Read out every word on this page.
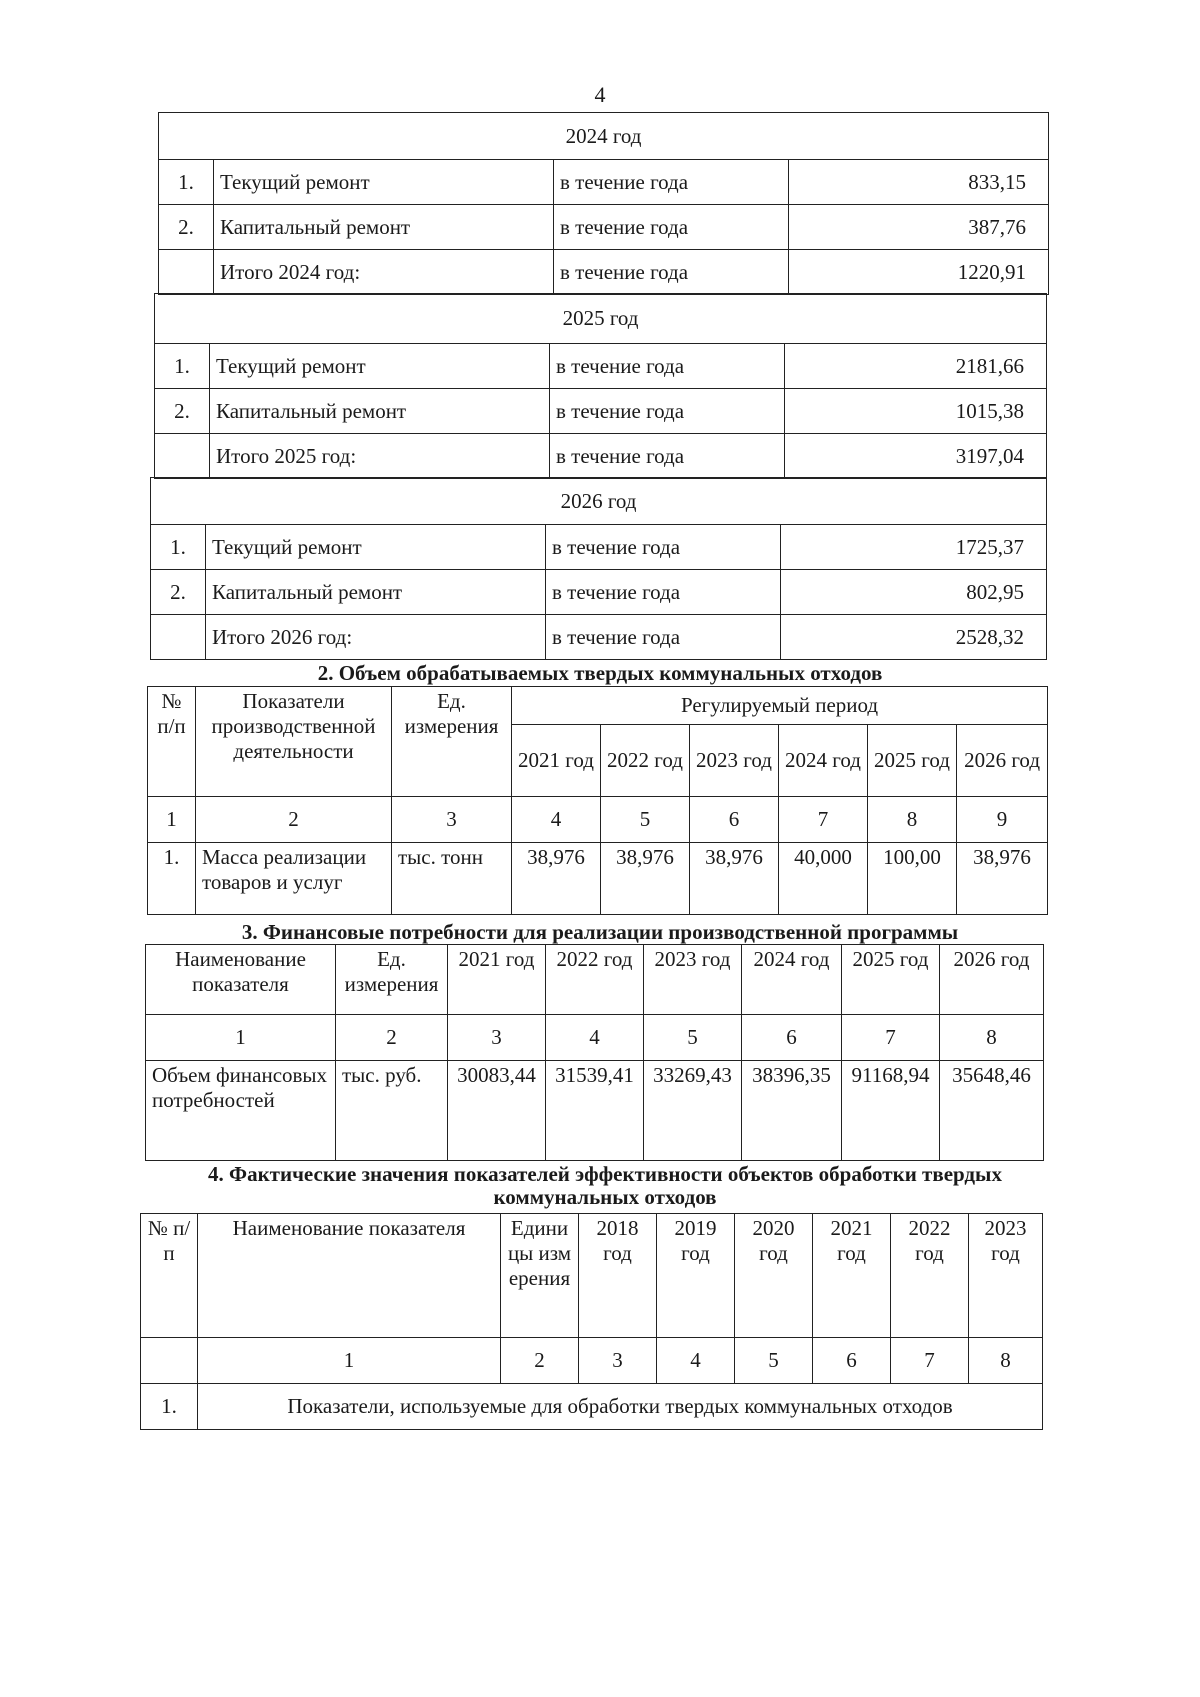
4
2024 год			
1.	Текущий ремонт	в течение года	833,15
2.	Капитальный ремонт	в течение года	387,76
	Итого 2024 год:	в течение года	1220,91
2025 год			
1.	Текущий ремонт	в течение года	2181,66
2.	Капитальный ремонт	в течение года	1015,38
	Итого 2025 год:	в течение года	3197,04
2026 год			
1.	Текущий ремонт	в течение года	1725,37
2.	Капитальный ремонт	в течение года	802,95
	Итого 2026 год:	в течение года	2528,32
2. Объем обрабатываемых твердых коммунальных отходов
№ п/п	Показатели производственной деятельности	Ед. измерения	Регулируемый период					
			2021 год	2022 год	2023 год	2024 год	2025 год	2026 год
1	2	3	4	5	6	7	8	9
1.	Масса реализации товаров и услуг	тыс. тонн	38,976	38,976	38,976	40,000	100,00	38,976
3. Финансовые потребности для реализации производственной программы
Наименование показателя	Ед. измерения	2021 год	2022 год	2023 год	2024 год	2025 год	2026 год
1	2	3	4	5	6	7	8
Объем финансовых потребностей	тыс. руб.	30083,44	31539,41	33269,43	38396,35	91168,94	35648,46
4. Фактические значения показателей эффективности объектов обработки твердых коммунальных отходов
№ п/п	Наименование показателя	Единицы измерения	2018 год	2019 год	2020 год	2021 год	2022 год	2023 год
	1	2	3	4	5	6	7	8
1.	Показатели, используемые для обработки твердых коммунальных отходов							
